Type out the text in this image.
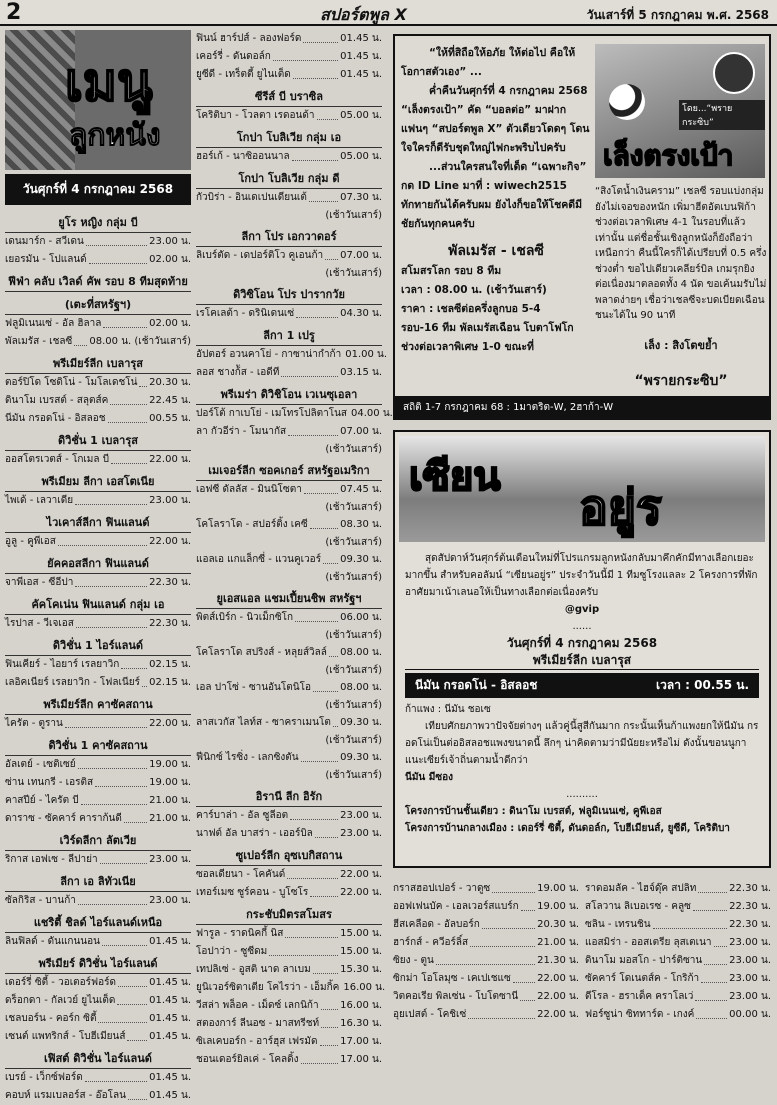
2	สปอร์ตพูล X	วันเสาร์ที่ 5 กรกฎาคม พ.ศ. 2568
เมนู
ลูกหนัง
วันศุกร์ที่ 4 กรกฎาคม 2568
ยูโร หญิง กลุ่ม บี
เดนมาร์ก - สวีเดน	23.00 น.
เยอรมัน - โปแลนด์	02.00 น.
ฟีฟ่า คลับ เวิลด์ คัพ รอบ 8 ทีมสุดท้าย
(เตะที่สหรัฐฯ)
ฟลูมิเนนเซ่ - อัล ฮิลาล	02.00 น.
พัลเมรัส - เชลซี 08.00 น. (เช้าวันเสาร์)
พรีเมียร์ลีก เบลารุส
ตอร์ปิโด โซดิโน่ - โมโลเดชโน่ 20.30 น.
ดินาโม เบรสต์ - สลุตส์ค	22.45 น.
นีมัน กรอดโน่ - อิสลอช	00.55 น.
ดิวิชั่น 1 เบลารุส
ออสโตรเวตส์ - โกเมล บี	22.00 น.
พรีเมียม ลีกา เอสโตเนีย
ไพเด้ - เลวาเดีย	23.00 น.
ไวเคาส์ลีกา ฟินแลนด์
อูลู - คูพีเอส	22.00 น.
ยัคคอสลีกา ฟินแลนด์
จาพีเอส - ซีอีปา	22.30 น.
คัคโคเน่น ฟินแลนด์ กลุ่ม เอ
ไรปาส - วีเจเอส	22.30 น.
ดิวิชั่น 1 ไอร์แลนด์
ฟินเคียร์ - ไอยาร์ เรลยาวิก	02.15 น.
เลอิคเนียร์ เรลยาวิก - โฟลเนียร์ 02.15 น.
พรีเมียร์ลีก คาซัคสถาน
ไครัต - ตูราน	22.00 น.
ดิวิชั่น 1 คาซัคสถาน
อัลเตย์ - เซติเซย์	19.00 น.
ซ่าน เทนกรี - เอรติส	19.00 น.
คาสปีย์ - ไครัต บี	21.00 น.
ดาราซ - ซัคคาร์ คาราก้นดี	21.00 น.
เวิร์ดลีกา ลัตเวีย
ริกาส เอฟเซ - ลีปาย่า	23.00 น.
ลีกา เอ ลิทัวเนีย
ซัลกิริส - บานก้า	23.00 น.
แชริตี้ ชิลด์ ไอร์แลนด์เหนือ
ลินฟิลด์ - ดันแกนนอน	01.45 น.
พรีเมียร์ ดิวิชั่น ไอร์แลนด์
เดอร์รี่ ซิตี้ - วอเตอร์ฟอร์ด	01.45 น.
ดร็อกดา - กัลเวย์ ยูไนเต็ด	01.45 น.
เชลบอร์น - คอร์ก ซิตี้	01.45 น.
เซนต์ แพทริกส์ - โบฮีเมียนส์ 01.45 น.
เฟิสต์ ดิวิชั่น ไอร์แลนด์
เบรย์ - เว็กซ์ฟอร์ด	01.45 น.
คอบห์ แรมเบลอร์ส - อ๊อโลน 01.45 น.
ฟินน์ ฮาร์ปส์ - ลองฟอร์ด	01.45 น.
เคอร์รี่ - ดันดอล์ก	01.45 น.
ยูซีดี - เทร็ตตี้ ยูไนเต็ด	01.45 น.
ซีรีส์ บี บราซิล
โคริติบา - โวลตา เรดอนด้า	05.00 น.
โกปา โบลิเวีย กลุ่ม เอ
ฮอร์เก้ - นาซิออนนาล	05.00 น.
โกปา โบลิเวีย กลุ่ม ดี
กัวบิร่า - อินเดเปนเดียนเต้	07.30 น.
(เช้าวันเสาร์)
ลีกา โปร เอกวาดอร์
ลิเบร์ตัด - เดปอร์ติโว คูเอนก้า 07.00 น.
(เช้าวันเสาร์)
ดิวิซิโอน โปร ปารากวัย
เรโคเลต้า - ดรินิเดนเซ่	04.30 น.
ลีกา 1 เปรู
อัปตอร์ อวนคาโย่ - กาซาน่ากำก้า 01.00 น.
ลอส ชางก้ัส - เอดีที	03.15 น.
พรีเมร่า ดิวิชิโอน เวเนซุเอลา
ปอร์โต้ กาเบโย่ - เมโทรโปลิตาโนส 04.00 น.
ลา กัวอีร่า - โมนากัส	07.00 น.
(เช้าวันเสาร์)
เมเจอร์ลีก ซอคเกอร์ สหรัฐอเมริกา
เอฟซี ดัลลัส - มินนิโซตา	07.45 น.
(เช้าวันเสาร์)
โคโลราโด - สปอร์ติ้ง เคซี	08.30 น.
(เช้าวันเสาร์)
แอลเอ แกแล็กซี่ - แวนคูเวอร์ 09.30 น.
(เช้าวันเสาร์)
ยูเอสแอล แชมเปี้ยนชิพ สหรัฐฯ
พิตส์เบิร์ก - นิวเม็กซิโก	06.00 น.
(เช้าวันเสาร์)
โคโลราโด สปริงส์ - หลุยส์วิลล์ 08.00 น.
(เช้าวันเสาร์)
เอล ปาโซ่ - ซานอันโตนิโอ	08.00 น.
(เช้าวันเสาร์)
ลาสเวกัส ไลท์ส - ซาคราเมนโต 09.30 น.
(เช้าวันเสาร์)
ฟีนิกซ์ ไรซิ่ง - เลกซิงตัน	09.30 น.
(เช้าวันเสาร์)
อิรานี ลีก อิรัก
คาร์บาล่า - อัล ซูลีอต	23.00 น.
นาฟต์ อัล บาสร่า - เออร์บิล	23.00 น.
ซูเปอร์ลีก อุซเบกิสถาน
ซอลเดียนา - โคคันด์	22.00 น.
เทอร์เมซ ซูร์คอน - บูโซโร	22.00 น.
กระชับมิตรสโมสร
ฟารูล - ราดนิคกี้ นิส	15.00 น.
โอปาว่า - ซูซีดม	15.00 น.
เทปลิเซ่ - อูสติ นาด ลาเบม	15.30 น.
ยูนิเวอร์ซิตาเตีย โคไรว่า - เอ็มกิ้ค 16.00 น.
วีสล่า พล็อค - เม็ดซ์ เลกนิก้า 16.00 น.
สตองการ์ ลีนอซ - มาสทรีชท์ 16.30 น.
ซิเลเคบอร์ก - อาร์ฮุส เฟรมัด 17.00 น.
ชอนเดอร์ยิลเค่ - โคลดิ้ง	17.00 น.

“ให้ที่สิถือให้อภัย ให้ต่อไป คือให้โอกาสตัวเอง” ...

ค่ำคืนวันศุกร์ที่ 4 กรกฎาคม 2568 “เล็งตรงเป้า” คัด “บอลต่อ” มาฝากแฟนๆ “สปอร์ตพูล X” ตัวเดียวโดดๆ โดนใจใครก็ดีรับชุดใหญ่ไฟกะพริบไปครับ

...ส่วนใครสนใจที่เด็ด “เฉพาะกิจ” กด ID Line มาที่ : wiwech2515 ทักทายกันได้ครับผม ยังไงก็ขอให้โชคดีมีชัยกันทุกคนครับ

พัลเมรัส - เชลซี
สโมสรโลก รอบ 8 ทีม
เวลา : 08.00 น. (เช้าวันเสาร์)
ราคา : เชลซีต่อครึ่งลูกบอ 5-4
รอบ-16 ทีม พัลเมรัสเฉือน โบตาโฟโกช่วงต่อเวลาพิเศษ 1-0 ขณะที่
โดย...“พรายกระซิบ”
เล็งตรงเป้า
“สิงโตน้ำเงินคราม” เชลซี รอบแบ่งกลุ่มยังไม่เจอของหนัก เพิ่มาฮีตอัตเบนฟิก้าช่วงต่อเวลาพิเศษ 4-1 ในรอบที่แล้วเท่านั้น แต่ชื่อชั้นเชิงลูกหนังก็ยังถือว่าเหนือกว่า คืนนี้ใครก็ได้เปรียบที่ 0.5 ครึ่งช่วงต่ำ ขอไปเดียวเคลียร์บิล เกมรุกยิงต่อเนื่องมาตลอดทั้ง 4 นัด ขอเค้นมรับไม่พลาดง่ายๆ เชื่อว่าเชลซีจะบดเบียดเฉือนชนะได้ใน 90 นาที
เล็ง : สิงโตขย้ำ
“พรายกระซิบ”
สถิติ 1-7 กรกฎาคม 68 : 1มาตริต-W, 2ฮาก้า-W
เซียน
อยู่ร
สุดสัปดาห์วันศุกร์ต้นเดือนใหม่ที่โปรแกรมลูกหนังกลับมาคึกคักมีทางเลือกเยอะมากขึ้น สำหรับคอลัมน์ “เซียนอยู่ร” ประจำวันนี้มี 1 ทีมซูโรงแลละ 2 โครงการที่พักอาศัยมาเน้าเลนอให้เป็นทางเลือกต่อเนื่องครับ
@gvip
......
วันศุกร์ที่ 4 กรกฎาคม 2568
พรีเมียร์ลีก เบลารุส
นีมัน กรอดโน่ - อิสลอช	เวลา : 00.55 น.
ก้าแพง : นีมัน ชอเซ
เทียบศักยภาพวาปัจจัยต่างๆ แล้วคู่นี้สูสีกันมาก กระนั้นเห็นก้าแพงยกให้นีมัน กรอดโน่เป็นต่ออิสลอชแพงขนาดนี้ ลึกๆ น่าคิดตามว่ามีนัยยะหรือไม่ ดังนั้นขอนนูกาแนะเซียร์เจ้าถิ่นตามน้ำดีกว่า
นีมัน มีซอง
..........
โครงการบ้านชั้นเดียว : ดินาโม เบรสต์, ฟลูมิเนนเซ่, คูพีเอส
โครงการบ้านกลางเมือง : เดอร์รี่ ซิตี้, ดันดอล์ก, โบฮีเมียนส์, ยูซีดี, โคริติบา
กราสฮอปเปอร์ - วาดูซ	19.00 น.
ออฟเฟนบัค - เอลเวอร์สแบร์ก 19.00 น.
ฮีสเคลือด - อัลบอร์ก	20.30 น.
ฮาร์กส์ - ควีอร์ลิ์ส	21.00 น.
ซิยง - ตูน	21.30 น.
ซิกม่า โอโลมุซ - เคเปเชแซ	22.00 น.
วิตคอเรีย พิลเซ่น - โบโตซานี 22.00 น.
อุยเปสต์ - โคชิเซ่	22.00 น.
ราดอมลัค - ไฮจ์ดุ๊ค สปลิท	22.30 น.
สโลวาน ลิเบอเรซ - คลูซ	22.30 น.
ซลิน - เทรนชิน	22.30 น.
แอสมิร่า - ออสเตรีย ลุสเตเนา 23.00 น.
ดินาโม มอสโก - ปาร์ติซาน	23.00 น.
ซัคคาร์ โดเนตส์ค - โกริก้า	23.00 น.
ดีโรล - ฮราเด็ค คราโลเว่	23.00 น.
ฟอร์ซูน่า ซิททาร์ด - เกงค์	00.00 น.
